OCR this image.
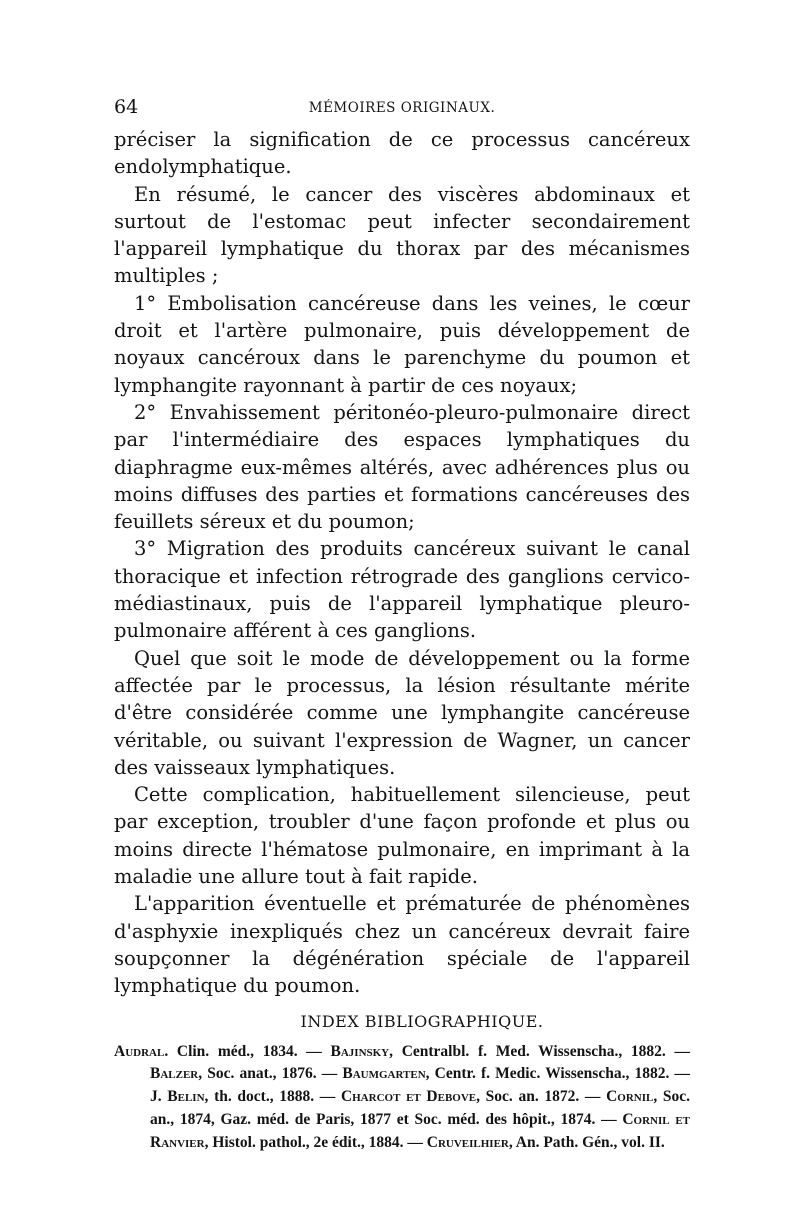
64	MÉMOIRES ORIGINAUX.

préciser la signification de ce processus cancéreux endolymphatique.

En résumé, le cancer des viscères abdominaux et surtout de l'estomac peut infecter secondairement l'appareil lymphatique du thorax par des mécanismes multiples ;

1° Embolisation cancéreuse dans les veines, le cœur droit et l'artère pulmonaire, puis développement de noyaux cancéroux dans le parenchyme du poumon et lymphangite rayonnant à partir de ces noyaux;

2° Envahissement péritonéo-pleuro-pulmonaire direct par l'intermédiaire des espaces lymphatiques du diaphragme eux-mêmes altérés, avec adhérences plus ou moins diffuses des parties et formations cancéreuses des feuillets séreux et du poumon;

3° Migration des produits cancéreux suivant le canal thoracique et infection rétrograde des ganglions cervico-médiastinaux, puis de l'appareil lymphatique pleuro-pulmonaire afférent à ces ganglions.

Quel que soit le mode de développement ou la forme affectée par le processus, la lésion résultante mérite d'être considérée comme une lymphangite cancéreuse véritable, ou suivant l'expression de Wagner, un cancer des vaisseaux lymphatiques.

Cette complication, habituellement silencieuse, peut par exception, troubler d'une façon profonde et plus ou moins directe l'hématose pulmonaire, en imprimant à la maladie une allure tout à fait rapide.

L'apparition éventuelle et prématurée de phénomènes d'asphyxie inexpliqués chez un cancéreux devrait faire soupçonner la dégénération spéciale de l'appareil lymphatique du poumon.

INDEX BIBLIOGRAPHIQUE.
Audral. Clin. méd., 1834. — Bajinsky, Centralbl. f. Med. Wissenscha., 1882. — Balzer, Soc. anat., 1876. — Baumgarten, Centr. f. Medic. Wissenscha., 1882. — J. Belin, th. doct., 1888. — Charcot et Debove, Soc. an. 1872. — Cornil, Soc. an., 1874, Gaz. méd. de Paris, 1877 et Soc. méd. des hôpit., 1874. — Cornil et Ranvier, Histol. pathol., 2e édit., 1884. — Cruveilhier, An. Path. Gén., vol. II.
